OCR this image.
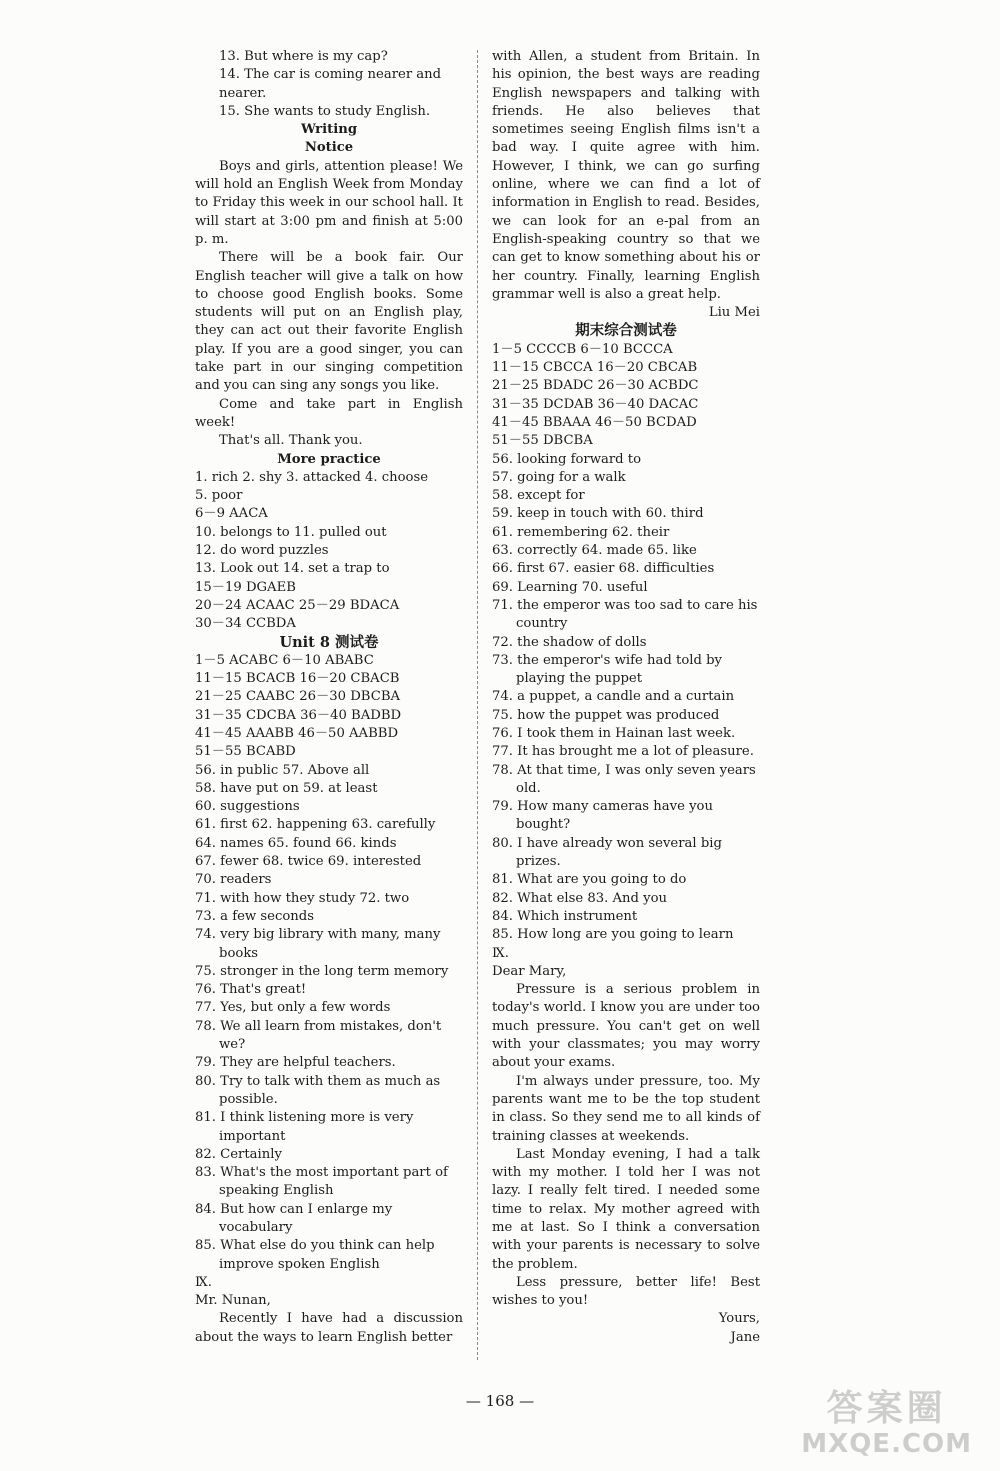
13. But where is my cap?
14. The car is coming nearer and
nearer.
15. She wants to study English.
Writing
Notice
Boys and girls, attention please! We will hold an English Week from Monday to Friday this week in our school hall. It will start at 3:00 pm and finish at 5:00 p. m.
There will be a book fair. Our English teacher will give a talk on how to choose good English books. Some students will put on an English play, they can act out their favorite English play. If you are a good singer, you can take part in our singing competition and you can sing any songs you like.
Come and take part in English week!
That's all. Thank you.
More practice
1. rich 2. shy 3. attacked 4. choose
5. poor
6－9 AACA
10. belongs to 11. pulled out
12. do word puzzles
13. Look out 14. set a trap to
15－19 DGAEB
20－24 ACAAC 25－29 BDACA
30－34 CCBDA
Unit 8 测试卷
1－5 ACABC 6－10 ABABC
11－15 BCACB 16－20 CBACB
21－25 CAABC 26－30 DBCBA
31－35 CDCBA 36－40 BADBD
41－45 AAABB 46－50 AABBD
51－55 BCABD
56. in public 57. Above all
58. have put on 59. at least
60. suggestions
61. first 62. happening 63. carefully
64. names 65. found 66. kinds
67. fewer 68. twice 69. interested
70. readers
71. with how they study 72. two
73. a few seconds
74. very big library with many, many
books
75. stronger in the long term memory
76. That's great!
77. Yes, but only a few words
78. We all learn from mistakes, don't
we?
79. They are helpful teachers.
80. Try to talk with them as much as
possible.
81. I think listening more is very
important
82. Certainly
83. What's the most important part of
speaking English
84. But how can I enlarge my
vocabulary
85. What else do you think can help
improve spoken English
Ⅸ.
Mr. Nunan,
Recently I have had a discussion about the ways to learn English better
with Allen, a student from Britain. In his opinion, the best ways are reading English newspapers and talking with friends. He also believes that sometimes seeing English films isn't a bad way. I quite agree with him. However, I think, we can go surfing online, where we can find a lot of information in English to read. Besides, we can look for an e-pal from an English-speaking country so that we can get to know something about his or her country. Finally, learning English grammar well is also a great help.
Liu Mei
期末综合测试卷
1－5 CCCCB 6－10 BCCCA
11－15 CBCCA 16－20 CBCAB
21－25 BDADC 26－30 ACBDC
31－35 DCDAB 36－40 DACAC
41－45 BBAAA 46－50 BCDAD
51－55 DBCBA
56. looking forward to
57. going for a walk
58. except for
59. keep in touch with 60. third
61. remembering 62. their
63. correctly 64. made 65. like
66. first 67. easier 68. difficulties
69. Learning 70. useful
71. the emperor was too sad to care his
country
72. the shadow of dolls
73. the emperor's wife had told by
playing the puppet
74. a puppet, a candle and a curtain
75. how the puppet was produced
76. I took them in Hainan last week.
77. It has brought me a lot of pleasure.
78. At that time, I was only seven years
old.
79. How many cameras have you
bought?
80. I have already won several big
prizes.
81. What are you going to do
82. What else 83. And you
84. Which instrument
85. How long are you going to learn
Ⅸ.
Dear Mary,
Pressure is a serious problem in today's world. I know you are under too much pressure. You can't get on well with your classmates; you may worry about your exams.
I'm always under pressure, too. My parents want me to be the top student in class. So they send me to all kinds of training classes at weekends.
Last Monday evening, I had a talk with my mother. I told her I was not lazy. I really felt tired. I needed some time to relax. My mother agreed with me at last. So I think a conversation with your parents is necessary to solve the problem.
Less pressure, better life! Best wishes to you!
Yours,
Jane
— 168 —	答案圈
MXQE.COM
